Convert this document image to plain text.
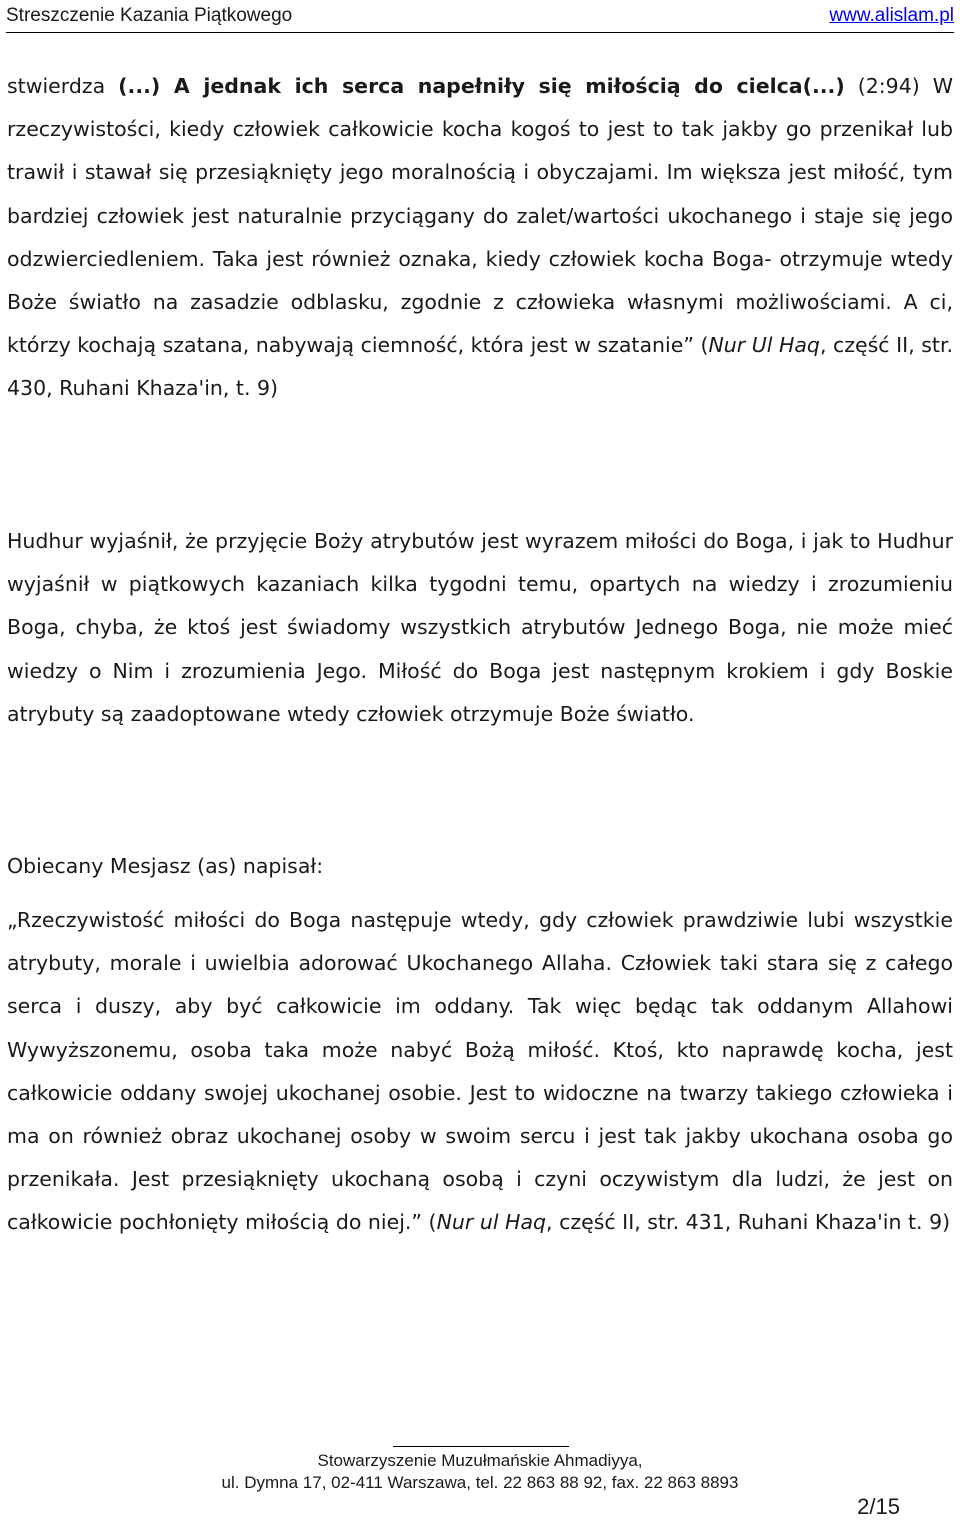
Streszczenie Kazania Piątkowego	www.alislam.pl

stwierdza (...) A jednak ich serca napełniły się miłością do cielca(...) (2:94) W rzeczywistości, kiedy człowiek całkowicie kocha kogoś to jest to tak jakby go przenikał lub trawił i stawał się przesiąknięty jego moralnością i obyczajami. Im większa jest miłość, tym bardziej człowiek jest naturalnie przyciągany do zalet/wartości ukochanego i staje się jego odzwierciedleniem. Taka jest również oznaka, kiedy człowiek kocha Boga- otrzymuje wtedy Boże światło na zasadzie odblasku, zgodnie z człowieka własnymi możliwościami. A ci, którzy kochają szatana, nabywają ciemność, która jest w szatanie” (Nur Ul Haq, część II, str. 430, Ruhani Khaza'in, t. 9)

Hudhur wyjaśnił, że przyjęcie Boży atrybutów jest wyrazem miłości do Boga, i jak to Hudhur wyjaśnił w piątkowych kazaniach kilka tygodni temu, opartych na wiedzy i zrozumieniu Boga, chyba, że ktoś jest świadomy wszystkich atrybutów Jednego Boga, nie może mieć wiedzy o Nim i zrozumienia Jego. Miłość do Boga jest następnym krokiem i gdy Boskie atrybuty są zaadoptowane wtedy człowiek otrzymuje Boże światło.

Obiecany Mesjasz (as) napisał:

„Rzeczywistość miłości do Boga następuje wtedy, gdy człowiek prawdziwie lubi wszystkie atrybuty, morale i uwielbia adorować Ukochanego Allaha. Człowiek taki stara się z całego serca i duszy, aby być całkowicie im oddany. Tak więc będąc tak oddanym Allahowi Wywyższonemu, osoba taka może nabyć Bożą miłość. Ktoś, kto naprawdę kocha, jest całkowicie oddany swojej ukochanej osobie. Jest to widoczne na twarzy takiego człowieka i ma on również obraz ukochanej osoby w swoim sercu i jest tak jakby ukochana osoba go przenikała. Jest przesiąknięty ukochaną osobą i czyni oczywistym dla ludzi, że jest on całkowicie pochłonięty miłością do niej.” (Nur ul Haq, część II, str. 431, Ruhani Khaza'in t. 9)

Stowarzyszenie Muzułmańskie Ahmadiyya,
ul. Dymna 17, 02-411 Warszawa, tel. 22 863 88 92, fax. 22 863 8893
2/15
